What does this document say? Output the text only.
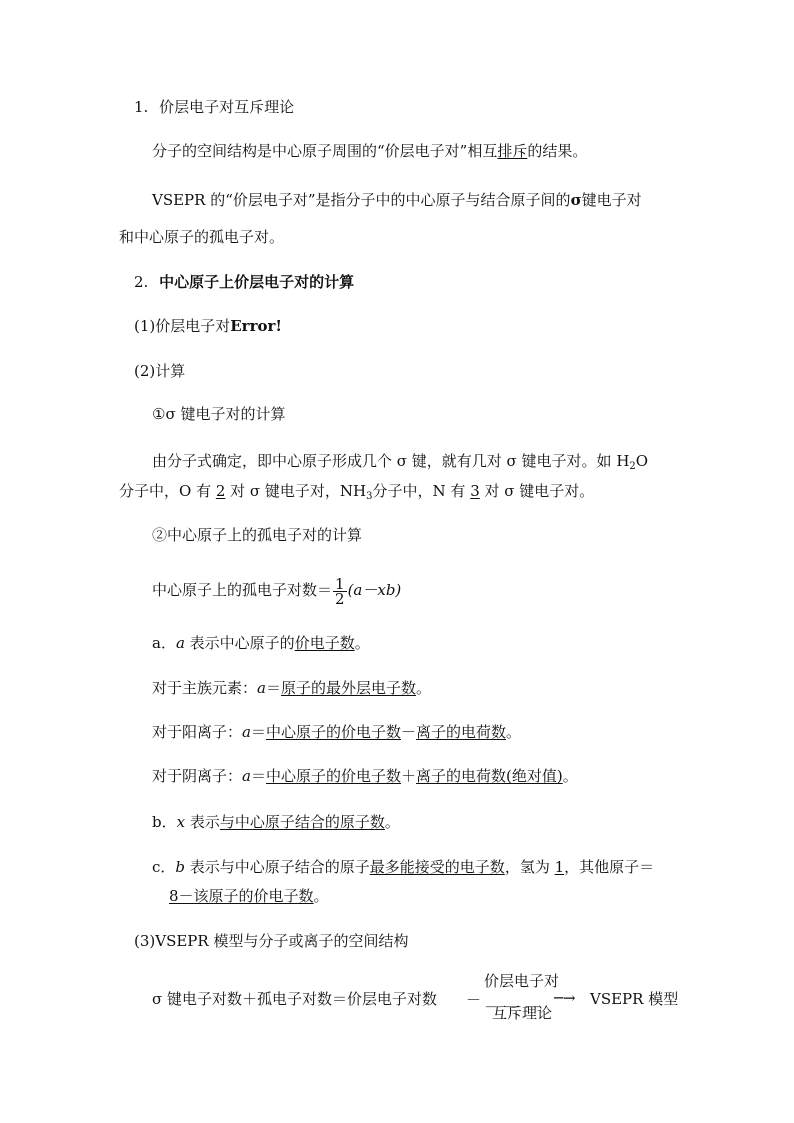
1. 价层电子对互斥理论
分子的空间结构是中心原子周围的“价层电子对”相互排斥的结果。
VSEPR 的“价层电子对”是指分子中的中心原子与结合原子间的σ键电子对
和中心原子的孤电子对。
2. 中心原子上价层电子对的计算
(1)价层电子对Error!
(2)计算
①σ 键电子对的计算
由分子式确定，即中心原子形成几个 σ 键，就有几对 σ 键电子对。如 $H_2O$
分子中，O 有 2 对 σ 键电子对，$NH_3$分子中，N 有 3 对 σ 键电子对。
②中心原子上的孤电子对的计算
中心原子上的孤电子对数＝ $\frac{1}{2} (a-xb)$
a．a 表示中心原子的价电子数。
对于主族元素：a＝原子的最外层电子数。
对于阳离子：a＝中心原子的价电子数－离子的电荷数。
对于阴离子：a＝中心原子的价电子数＋离子的电荷数(绝对值)。
b．x 表示与中心原子结合的原子数。
c．b 表示与中心原子结合的原子最多能接受的电子数，氢为 1，其他原子＝
8－该原子的价电子数。
(3)VSEPR 模型与分子或离子的空间结构
σ 键电子对数＋孤电子对数＝价层电子对数
价层电子对
－ ＿ ＿ ＿ ─→
互斥理论
VSEPR 模型
